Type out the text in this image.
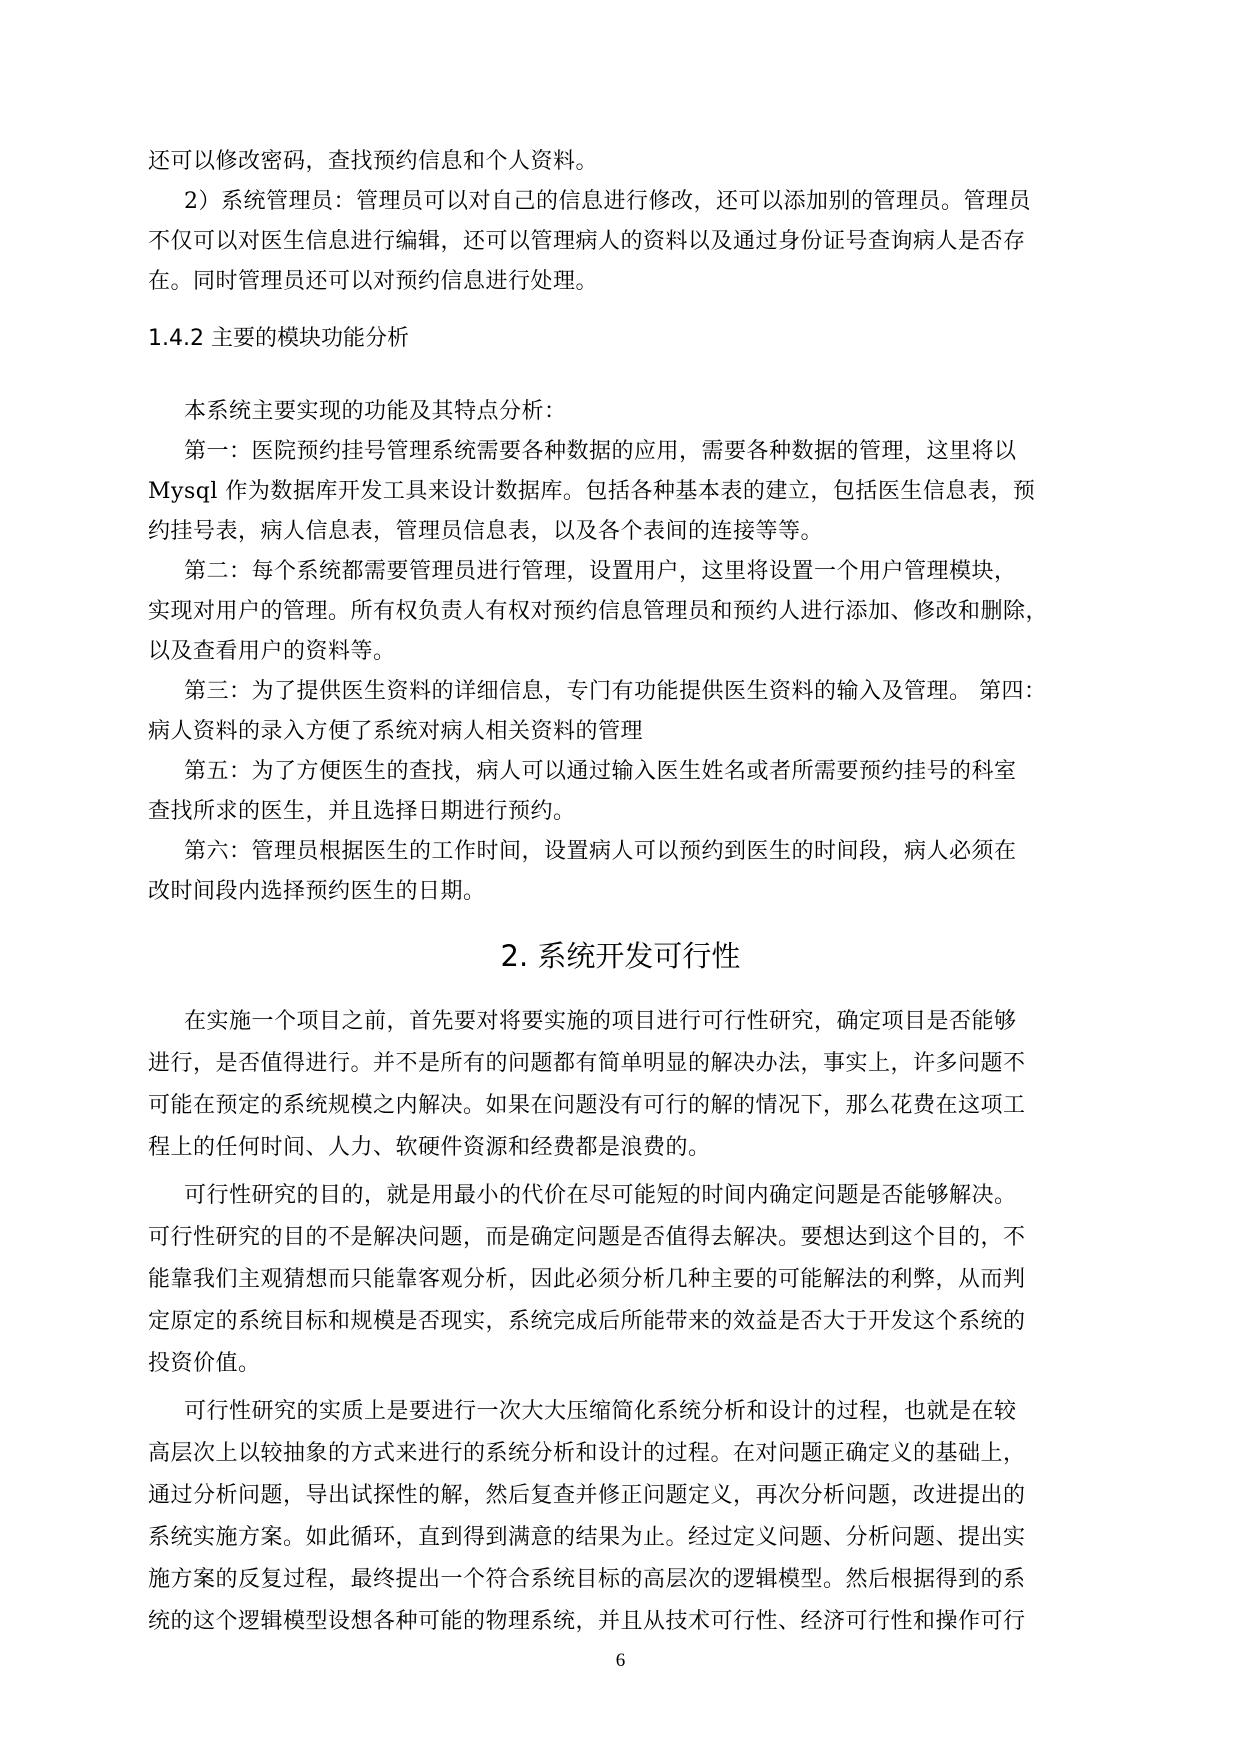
还可以修改密码，查找预约信息和个人资料。
2）系统管理员：管理员可以对自己的信息进行修改，还可以添加别的管理员。管理员
不仅可以对医生信息进行编辑，还可以管理病人的资料以及通过身份证号查询病人是否存
在。同时管理员还可以对预约信息进行处理。
1.4.2 主要的模块功能分析
本系统主要实现的功能及其特点分析：
第一：医院预约挂号管理系统需要各种数据的应用，需要各种数据的管理，这里将以
Mysql 作为数据库开发工具来设计数据库。包括各种基本表的建立，包括医生信息表，预
约挂号表，病人信息表，管理员信息表，以及各个表间的连接等等。
第二：每个系统都需要管理员进行管理，设置用户，这里将设置一个用户管理模块，
实现对用户的管理。所有权负责人有权对预约信息管理员和预约人进行添加、修改和删除，
以及查看用户的资料等。
第三：为了提供医生资料的详细信息，专门有功能提供医生资料的输入及管理。 第四：
病人资料的录入方便了系统对病人相关资料的管理
第五：为了方便医生的查找，病人可以通过输入医生姓名或者所需要预约挂号的科室
查找所求的医生，并且选择日期进行预约。
第六：管理员根据医生的工作时间，设置病人可以预约到医生的时间段，病人必须在
改时间段内选择预约医生的日期。
2. 系统开发可行性
在实施一个项目之前，首先要对将要实施的项目进行可行性研究，确定项目是否能够
进行，是否值得进行。并不是所有的问题都有简单明显的解决办法，事实上，许多问题不
可能在预定的系统规模之内解决。如果在问题没有可行的解的情况下，那么花费在这项工
程上的任何时间、人力、软硬件资源和经费都是浪费的。
可行性研究的目的，就是用最小的代价在尽可能短的时间内确定问题是否能够解决。
可行性研究的目的不是解决问题，而是确定问题是否值得去解决。要想达到这个目的，不
能靠我们主观猜想而只能靠客观分析，因此必须分析几种主要的可能解法的利弊，从而判
定原定的系统目标和规模是否现实，系统完成后所能带来的效益是否大于开发这个系统的
投资价值。
可行性研究的实质上是要进行一次大大压缩简化系统分析和设计的过程，也就是在较
高层次上以较抽象的方式来进行的系统分析和设计的过程。在对问题正确定义的基础上，
通过分析问题，导出试探性的解，然后复查并修正问题定义，再次分析问题，改进提出的
系统实施方案。如此循环，直到得到满意的结果为止。经过定义问题、分析问题、提出实
施方案的反复过程，最终提出一个符合系统目标的高层次的逻辑模型。然后根据得到的系
统的这个逻辑模型设想各种可能的物理系统，并且从技术可行性、经济可行性和操作可行
6
